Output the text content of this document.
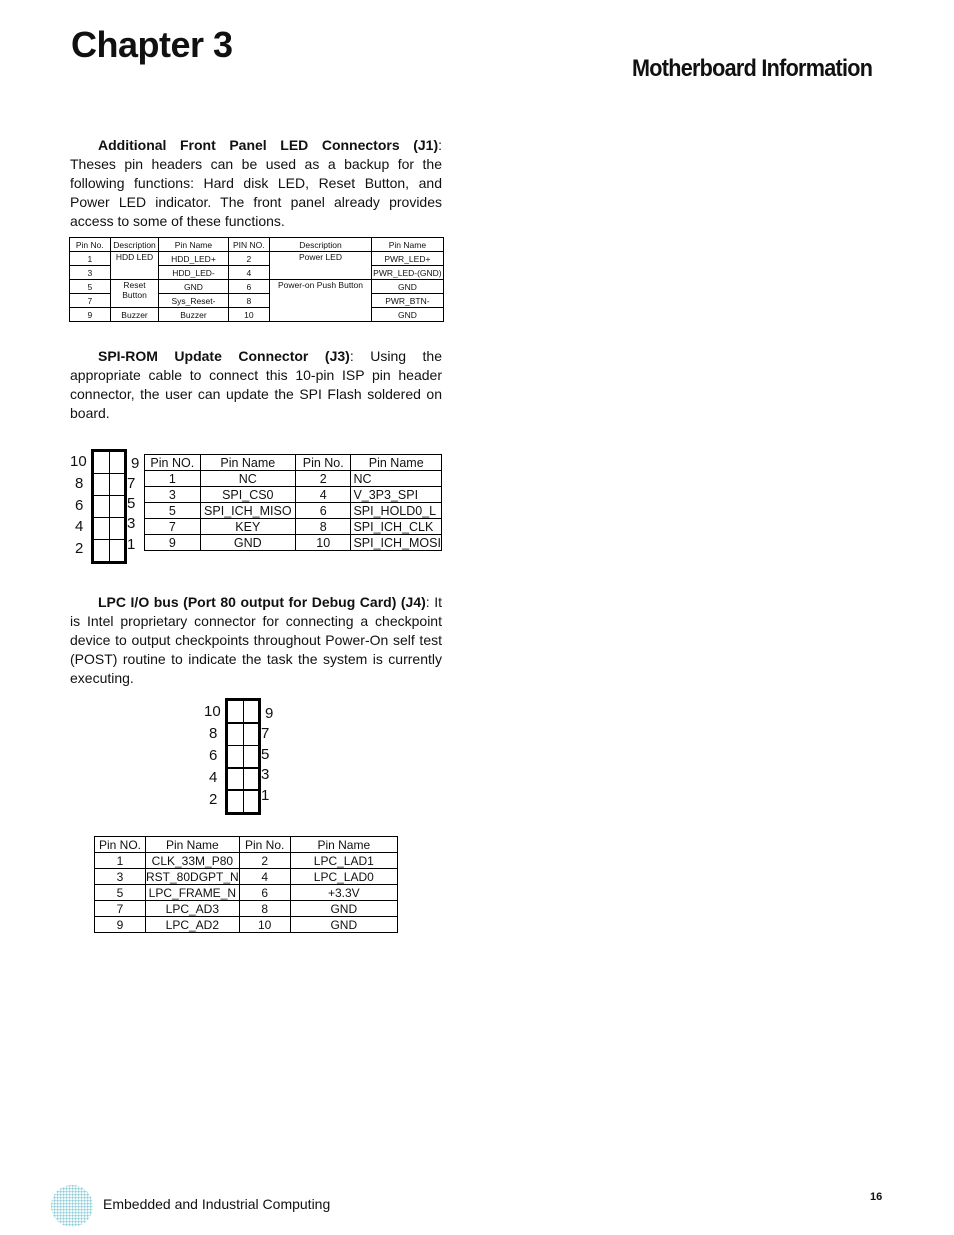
Chapter 3
Motherboard Information
Additional Front Panel LED Connectors (J1): Theses pin headers can be used as a backup for the following functions: Hard disk LED, Reset Button, and Power LED indicator. The front panel already provides access to some of these functions.
Pin No.	Description	Pin Name	PIN NO.	Description	Pin Name
1	HDD LED	HDD_LED+	2	Power LED	PWR_LED+
3		HDD_LED-	4		PWR_LED-(GND)
5	Reset Button	GND	6	Power-on Push Button	GND
7		Sys_Reset-	8		PWR_BTN-
9	Buzzer	Buzzer	10		GND
SPI-ROM Update Connector (J3): Using the appropriate cable to connect this 10-pin ISP pin header connector, the user can update the SPI Flash soldered on board.
10
8
6
4
2
9
7
5
3
1
Pin NO.	Pin Name	Pin No.	Pin Name
1	NC	2	NC
3	SPI_CS0	4	V_3P3_SPI
5	SPI_ICH_MISO	6	SPI_HOLD0_L
7	KEY	8	SPI_ICH_CLK
9	GND	10	SPI_ICH_MOSI
LPC I/O bus (Port 80 output for Debug Card) (J4): It is Intel proprietary connector for connecting a checkpoint device to output checkpoints throughout Power-On self test (POST) routine to indicate the task the system is currently executing.
10
8
6
4
2
9
7
5
3
1
Pin NO.	Pin Name	Pin No.	Pin Name
1	CLK_33M_P80	2	LPC_LAD1
3	RST_80DGPT_N	4	LPC_LAD0
5	LPC_FRAME_N	6	+3.3V
7	LPC_AD3	8	GND
9	LPC_AD2	10	GND
Embedded and Industrial Computing	16
